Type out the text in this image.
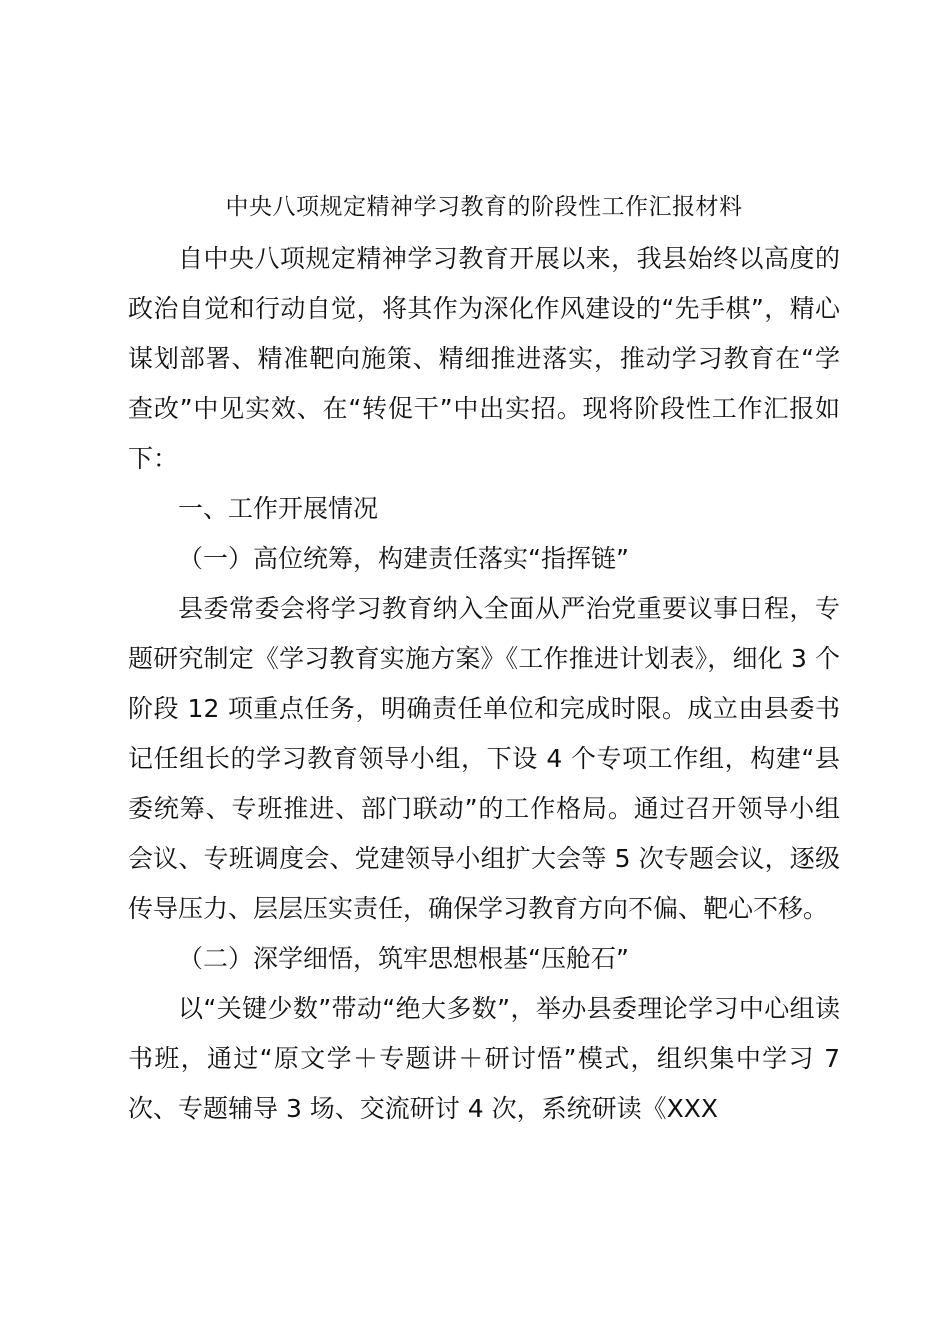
中央八项规定精神学习教育的阶段性工作汇报材料

自中央八项规定精神学习教育开展以来，我县始终以高度的政治自觉和行动自觉，将其作为深化作风建设的“先手棋”，精心谋划部署、精准靶向施策、精细推进落实，推动学习教育在“学查改”中见实效、在“转促干”中出实招。现将阶段性工作汇报如下：

一、工作开展情况

（一）高位统筹，构建责任落实“指挥链”

县委常委会将学习教育纳入全面从严治党重要议事日程，专题研究制定《学习教育实施方案》《工作推进计划表》，细化 3 个阶段 12 项重点任务，明确责任单位和完成时限。成立由县委书记任组长的学习教育领导小组，下设 4 个专项工作组，构建“县委统筹、专班推进、部门联动”的工作格局。通过召开领导小组会议、专班调度会、党建领导小组扩大会等 5 次专题会议，逐级传导压力、层层压实责任，确保学习教育方向不偏、靶心不移。

（二）深学细悟，筑牢思想根基“压舱石”

以“关键少数”带动“绝大多数”，举办县委理论学习中心组读书班，通过“原文学＋专题讲＋研讨悟”模式，组织集中学习 7 次、专题辅导 3 场、交流研讨 4 次，系统研读《XXX
